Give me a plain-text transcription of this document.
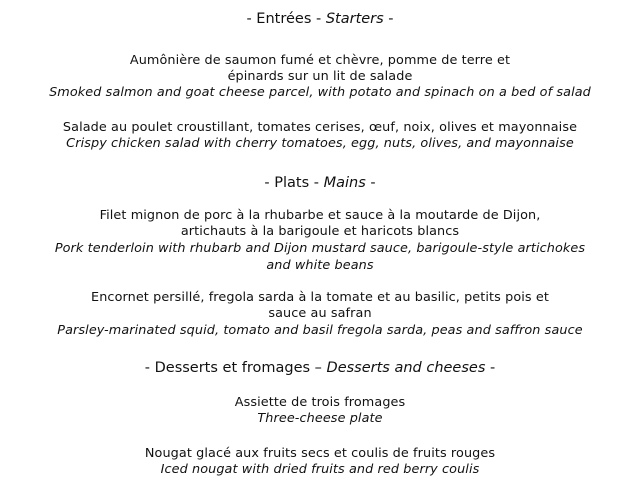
- Entrées - Starters -
Aumônière de saumon fumé et chèvre, pomme de terre et
épinards sur un lit de salade
Smoked salmon and goat cheese parcel, with potato and spinach on a bed of salad
Salade au poulet croustillant, tomates cerises, œuf, noix, olives et mayonnaise
Crispy chicken salad with cherry tomatoes, egg, nuts, olives, and mayonnaise
- Plats - Mains -
Filet mignon de porc à la rhubarbe et sauce à la moutarde de Dijon,
artichauts à la barigoule et haricots blancs
Pork tenderloin with rhubarb and Dijon mustard sauce, barigoule-style artichokes
and white beans
Encornet persillé, fregola sarda à la tomate et au basilic, petits pois et
sauce au safran
Parsley-marinated squid, tomato and basil fregola sarda, peas and saffron sauce
- Desserts et fromages – Desserts and cheeses -
Assiette de trois fromages
Three-cheese plate
Nougat glacé aux fruits secs et coulis de fruits rouges
Iced nougat with dried fruits and red berry coulis
